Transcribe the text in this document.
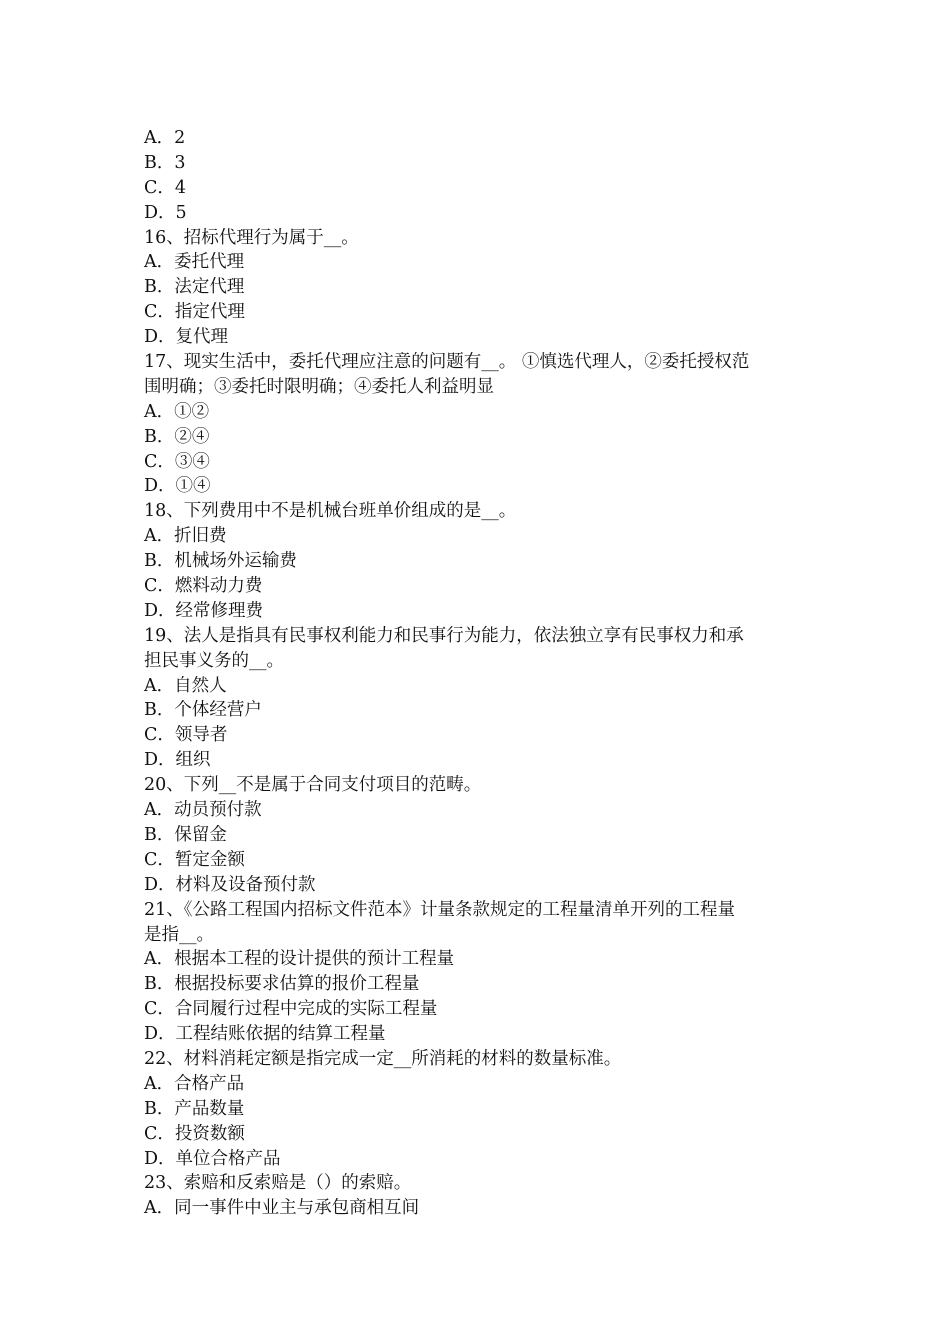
A．2
B．3
C．4
D．5
16、招标代理行为属于__。
A．委托代理
B．法定代理
C．指定代理
D．复代理
17、现实生活中，委托代理应注意的问题有__。 ①慎选代理人，②委托授权范
围明确；③委托时限明确；④委托人利益明显
A．①②
B．②④
C．③④
D．①④
18、下列费用中不是机械台班单价组成的是__。
A．折旧费
B．机械场外运输费
C．燃料动力费
D．经常修理费
19、法人是指具有民事权利能力和民事行为能力，依法独立享有民事权力和承
担民事义务的__。
A．自然人
B．个体经营户
C．领导者
D．组织
20、下列__不是属于合同支付项目的范畴。
A．动员预付款
B．保留金
C．暂定金额
D．材料及设备预付款
21、《公路工程国内招标文件范本》计量条款规定的工程量清单开列的工程量
是指__。
A．根据本工程的设计提供的预计工程量
B．根据投标要求估算的报价工程量
C．合同履行过程中完成的实际工程量
D．工程结账依据的结算工程量
22、材料消耗定额是指完成一定__所消耗的材料的数量标准。
A．合格产品
B．产品数量
C．投资数额
D．单位合格产品
23、索赔和反索赔是（）的索赔。
A．同一事件中业主与承包商相互间
